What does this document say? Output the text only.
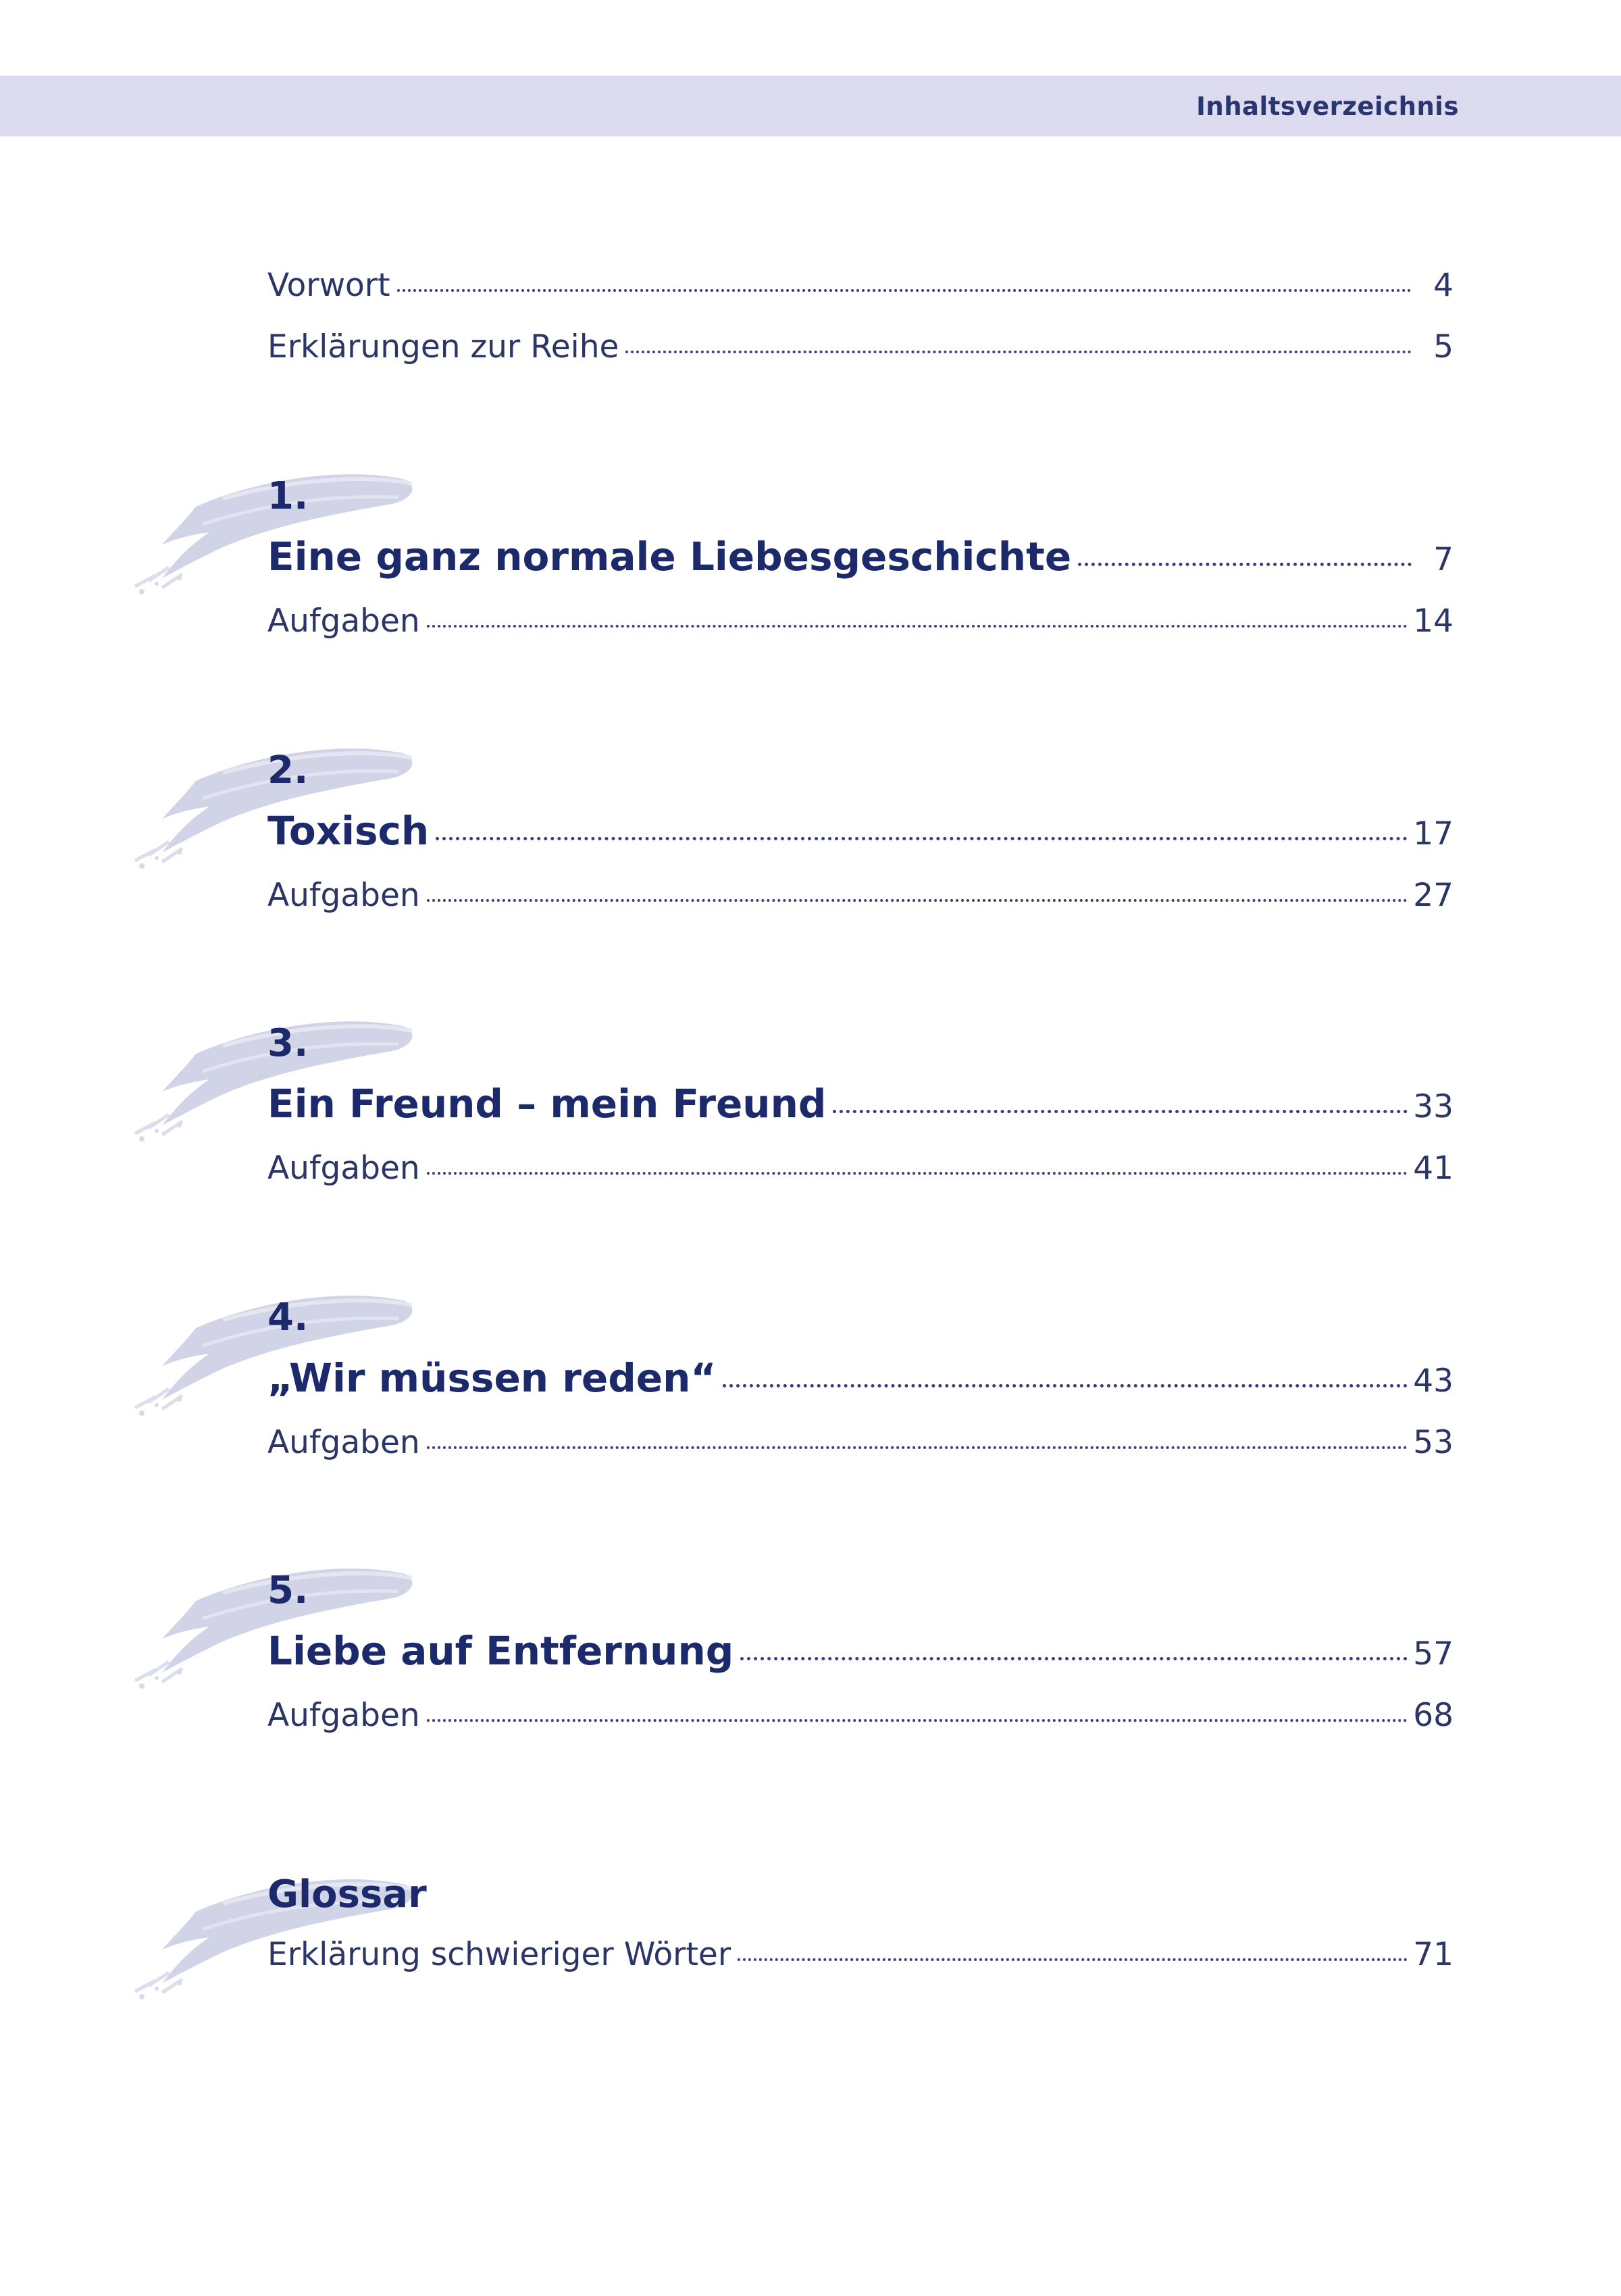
Inhaltsverzeichnis
Vorwort	4
Erklärungen zur Reihe	5
1.
Eine ganz normale Liebesgeschichte	7
Aufgaben	14
2.
Toxisch	17
Aufgaben	27
3.
Ein Freund – mein Freund	33
Aufgaben	41
4.
„Wir müssen reden“	43
Aufgaben	53
5.
Liebe auf Entfernung	57
Aufgaben	68
Glossar
Erklärung schwieriger Wörter	71
